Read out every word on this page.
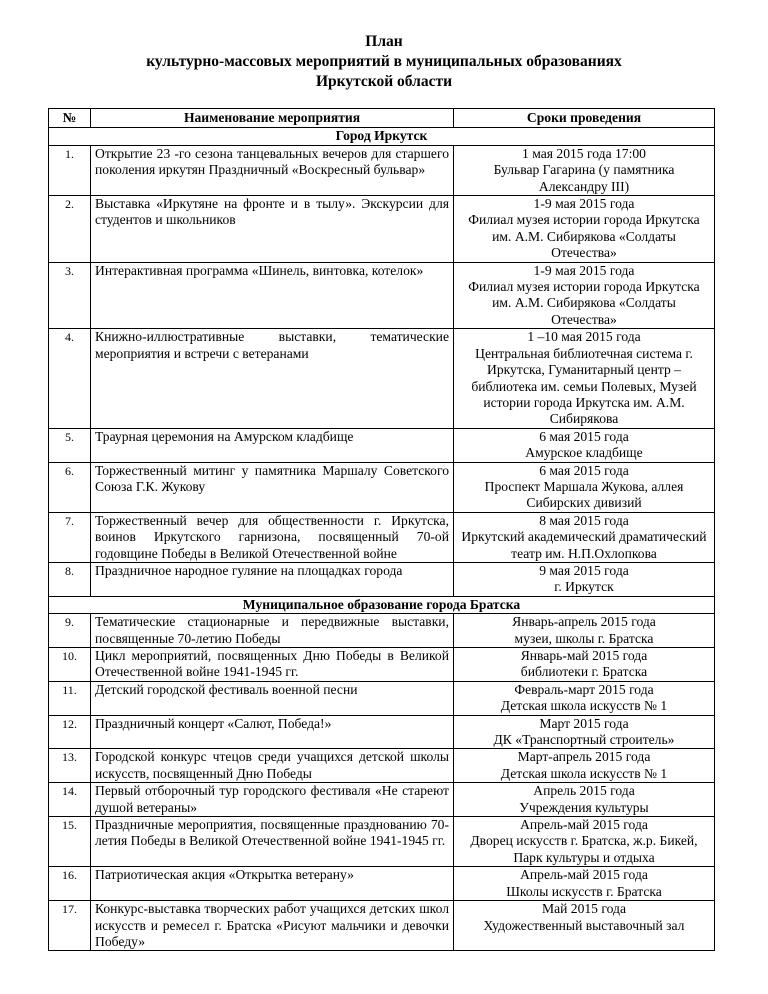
План
культурно-массовых мероприятий в муниципальных образованиях
Иркутской области
№	Наименование мероприятия	Сроки проведения
Город Иркутск		
1.	Открытие 23 -го сезона танцевальных вечеров для старшего поколения иркутян Праздничный «Воскресный бульвар»	1 мая 2015 года 17:00
Бульвар Гагарина (у памятника Александру III)

2.	Выставка «Иркутяне на фронте и в тылу». Экскурсии для студентов и школьников	1-9 мая 2015 года
Филиал музея истории города Иркутска им. А.М. Сибирякова «Солдаты Отечества»

3.	Интерактивная программа «Шинель, винтовка, котелок»	1-9 мая 2015 года
Филиал музея истории города Иркутска им. А.М. Сибирякова «Солдаты Отечества»

4.	Книжно-иллюстративные выставки, тематические мероприятия и встречи с ветеранами	1 –10 мая 2015 года
Центральная библиотечная система г. Иркутска, Гуманитарный центр – библиотека им. семьи Полевых, Музей истории города Иркутска им. А.М. Сибирякова

5.	Траурная церемония на Амурском кладбище	6 мая 2015 года
Амурское кладбище

6.	Торжественный митинг у памятника Маршалу Советского Союза Г.К. Жукову	6 мая 2015 года
Проспект Маршала Жукова, аллея Сибирских дивизий

7.	Торжественный вечер для общественности г. Иркутска, воинов Иркутского гарнизона, посвященный 70-ой годовщине Победы в Великой Отечественной войне	8 мая 2015 года
Иркутский академический драматический театр им. Н.П.Охлопкова

8.	Праздничное народное гуляние на площадках города	9 мая 2015 года
г. Иркутск

Муниципальное образование города Братска		
9.	Тематические стационарные и передвижные выставки, посвященные 70-летию Победы	Январь-апрель 2015 года
музеи, школы г. Братска

10.	Цикл мероприятий, посвященных Дню Победы в Великой Отечественной войне 1941-1945 гг.	Январь-май 2015 года
библиотеки г. Братска

11.	Детский городской фестиваль военной песни	Февраль-март 2015 года
Детская школа искусств № 1

12.	Праздничный концерт «Салют, Победа!»	Март 2015 года
ДК «Транспортный строитель»

13.	Городской конкурс чтецов среди учащихся детской школы искусств, посвященный Дню Победы	Март-апрель 2015 года
Детская школа искусств № 1

14.	Первый отборочный тур городского фестиваля «Не стареют душой ветераны»	Апрель 2015 года
Учреждения культуры

15.	Праздничные мероприятия, посвященные празднованию 70-летия Победы в Великой Отечественной войне 1941-1945 гг.	Апрель-май 2015 года
Дворец искусств г. Братска, ж.р. Бикей, Парк культуры и отдыха

16.	Патриотическая акция «Открытка ветерану»	Апрель-май 2015 года
Школы искусств г. Братска

17.	Конкурс-выставка творческих работ учащихся детских школ искусств и ремесел г. Братска «Рисуют мальчики и девочки Победу»	Май 2015 года
Художественный выставочный зал
